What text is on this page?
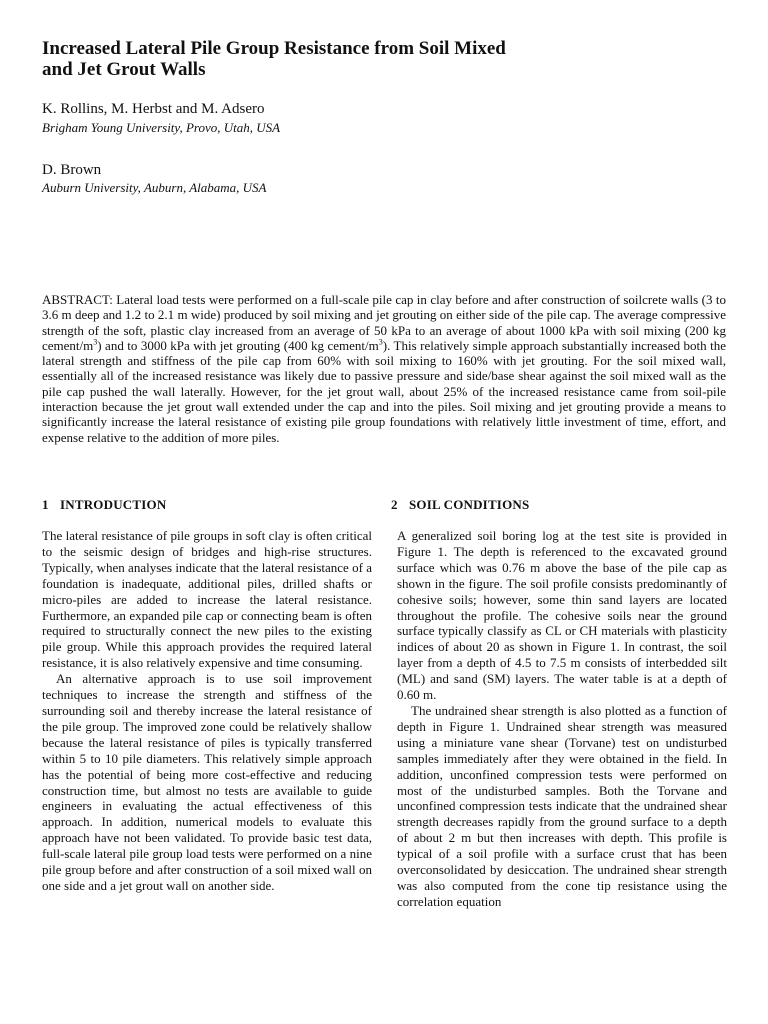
Increased Lateral Pile Group Resistance from Soil Mixed
and Jet Grout Walls

K. Rollins, M. Herbst and M. Adsero

Brigham Young University, Provo, Utah, USA

D. Brown

Auburn University, Auburn, Alabama, USA

ABSTRACT: Lateral load tests were performed on a full-scale pile cap in clay before and after construction of soilcrete walls (3 to 3.6 m deep and 1.2 to 2.1 m wide) produced by soil mixing and jet grouting on either side of the pile cap. The average compressive strength of the soft, plastic clay increased from an average of 50 kPa to an average of about 1000 kPa with soil mixing (200 kg cement/$m^3$) and to 3000 kPa with jet grouting (400 kg cement/$m^3$). This relatively simple approach substantially increased both the lateral strength and stiffness of the pile cap from 60% with soil mixing to 160% with jet grouting. For the soil mixed wall, essentially all of the increased resistance was likely due to passive pressure and side/base shear against the soil mixed wall as the pile cap pushed the wall laterally. However, for the jet grout wall, about 25% of the increased resistance came from soil-pile interaction because the jet grout wall extended under the cap and into the piles. Soil mixing and jet grouting provide a means to significantly increase the lateral resistance of existing pile group foundations with relatively little investment of time, effort, and expense relative to the addition of more piles.

1 INTRODUCTION	2 SOIL CONDITIONS

The lateral resistance of pile groups in soft clay is often critical to the seismic design of bridges and high-rise structures. Typically, when analyses indicate that the lateral resistance of a foundation is inadequate, additional piles, drilled shafts or micro-piles are added to increase the lateral resistance. Furthermore, an expanded pile cap or connecting beam is often required to structurally connect the new piles to the existing pile group. While this approach provides the required lateral resistance, it is also relatively expensive and time consuming.

An alternative approach is to use soil improvement techniques to increase the strength and stiffness of the surrounding soil and thereby increase the lateral resistance of the pile group. The improved zone could be relatively shallow because the lateral resistance of piles is typically transferred within 5 to 10 pile diameters. This relatively simple approach has the potential of being more cost-effective and reducing construction time, but almost no tests are available to guide engineers in evaluating the actual effectiveness of this approach. In addition, numerical models to evaluate this approach have not been validated. To provide basic test data, full-scale lateral pile group load tests were performed on a nine pile group before and after construction of a soil mixed wall on one side and a jet grout wall on another side.

A generalized soil boring log at the test site is provided in Figure 1. The depth is referenced to the excavated ground surface which was 0.76 m above the base of the pile cap as shown in the figure. The soil profile consists predominantly of cohesive soils; however, some thin sand layers are located throughout the profile. The cohesive soils near the ground surface typically classify as CL or CH materials with plasticity indices of about 20 as shown in Figure 1. In contrast, the soil layer from a depth of 4.5 to 7.5 m consists of interbedded silt (ML) and sand (SM) layers. The water table is at a depth of 0.60 m.

The undrained shear strength is also plotted as a function of depth in Figure 1. Undrained shear strength was measured using a miniature vane shear (Torvane) test on undisturbed samples immediately after they were obtained in the field. In addition, unconfined compression tests were performed on most of the undisturbed samples. Both the Torvane and unconfined compression tests indicate that the undrained shear strength decreases rapidly from the ground surface to a depth of about 2 m but then increases with depth. This profile is typical of a soil profile with a surface crust that has been overconsolidated by desiccation. The undrained shear strength was also computed from the cone tip resistance using the correlation equation
